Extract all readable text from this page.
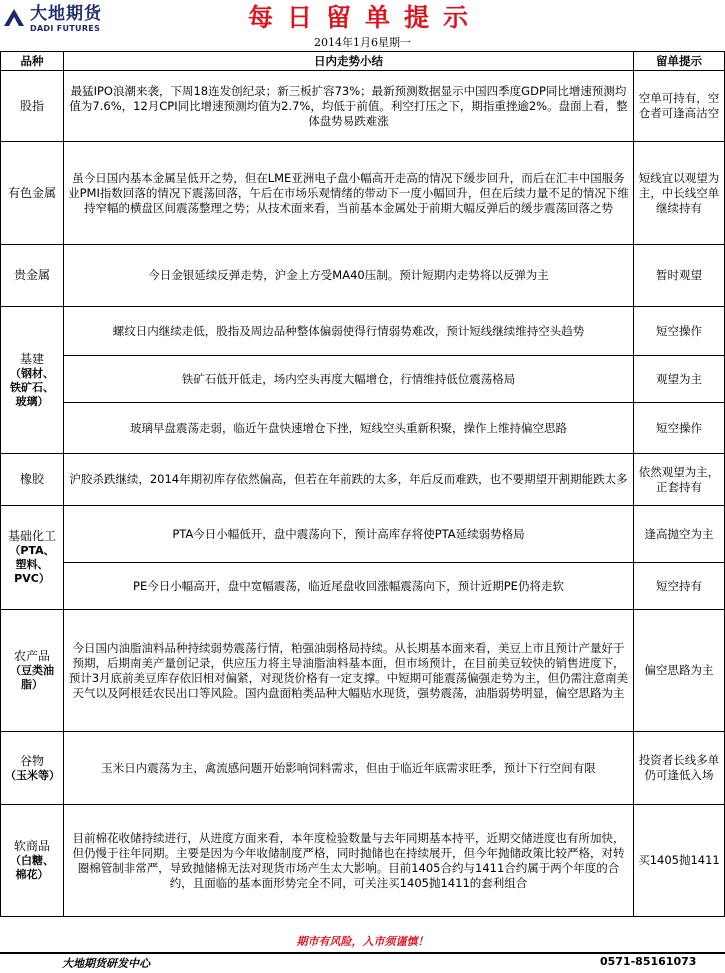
大地期货
DADI FUTURES	每日留单提示
2014年1月6星期一
品种	日内走势小结	留单提示

股指	最猛IPO浪潮来袭，下周18连发创纪录；新三板扩容73%；最新预测数据显示中国四季度GDP同比增速预测均值为7.6%，12月CPI同比增速预测均值为2.7%，均低于前值。利空打压之下，期指重挫逾2%。盘面上看，整体盘势易跌难涨	空单可持有，空仓者可逢高沽空

有色金属	虽今日国内基本金属呈低开之势，但在LME亚洲电子盘小幅高开走高的情况下缓步回升，而后在汇丰中国服务业PMI指数回落的情况下震荡回落，午后在市场乐观情绪的带动下一度小幅回升，但在后续力量不足的情况下维持窄幅的横盘区间震荡整理之势；从技术面来看，当前基本金属处于前期大幅反弹后的缓步震荡回落之势	短线宜以观望为主，中长线空单继续持有

贵金属	今日金银延续反弹走势，沪金上方受MA40压制。预计短期内走势将以反弹为主	暂时观望

基建
（钢材、铁矿石、玻璃）	螺纹日内继续走低，股指及周边品种整体偏弱使得行情弱势难改，预计短线继续维持空头趋势	短空操作
	铁矿石低开低走，场内空头再度大幅增仓，行情维持低位震荡格局	观望为主
	玻璃早盘震荡走弱，临近午盘快速增仓下挫，短线空头重新积聚，操作上维持偏空思路	短空操作

橡胶	沪胶杀跌继续，2014年期初库存依然偏高，但若在年前跌的太多，年后反而难跌，也不要期望开割期能跌太多	依然观望为主，正套持有

基础化工
（PTA、塑料、PVC）	PTA今日小幅低开，盘中震荡向下，预计高库存将使PTA延续弱势格局	逢高抛空为主
	PE今日小幅高开，盘中宽幅震荡，临近尾盘收回涨幅震荡向下，预计近期PE仍将走软	短空持有

农产品
（豆类油脂）	今日国内油脂油料品种持续弱势震荡行情，粕强油弱格局持续。从长期基本面来看，美豆上市且预计产量好于预期，后期南美产量创记录，供应压力将主导油脂油料基本面，但市场预计，在目前美豆较快的销售进度下，预计3月底前美豆库存依旧相对偏紧，对现货价格有一定支撑。中短期可能震荡偏强走势为主，但仍需注意南美天气以及阿根廷农民出口等风险。国内盘面粕类品种大幅贴水现货，强势震荡，油脂弱势明显，偏空思路为主	偏空思路为主

谷物
（玉米等）	玉米日内震荡为主，禽流感问题开始影响饲料需求，但由于临近年底需求旺季，预计下行空间有限	投资者长线多单仍可逢低入场

软商品
（白糖、棉花）	目前棉花收储持续进行，从进度方面来看，本年度检验数量与去年同期基本持平，近期交储进度也有所加快，但仍慢于往年同期。主要是因为今年收储制度严格，同时抛储也在持续展开，但今年抛储政策比较严格，对转圈棉管制非常严，导致抛储棉无法对现货市场产生太大影响。目前1405合约与1411合约属于两个年度的合约，且面临的基本面形势完全不同，可关注买1405抛1411的套利组合	买1405抛1411
期市有风险，入市须谨慎！
大地期货研发中心	0571-85161073
